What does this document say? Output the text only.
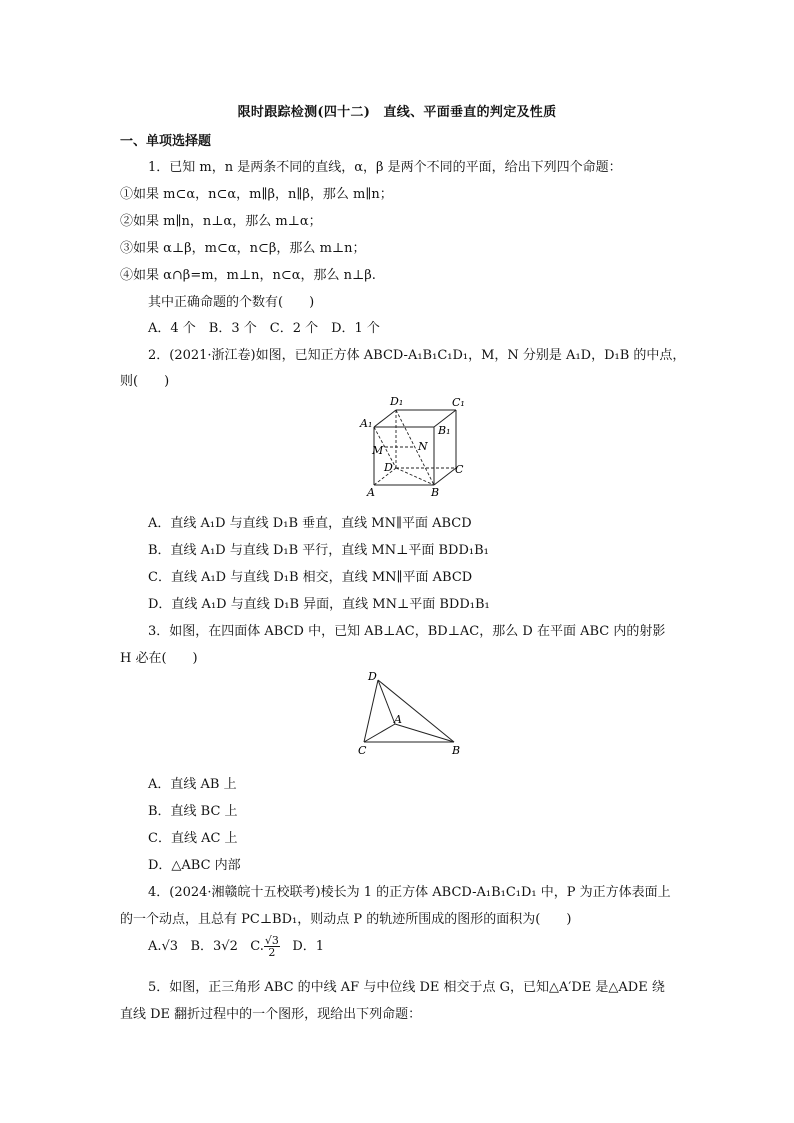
限时跟踪检测(四十二)　直线、平面垂直的判定及性质
一、单项选择题
1．已知 m，n 是两条不同的直线，α，β 是两个不同的平面，给出下列四个命题：
①如果 m⊂α，n⊂α，m∥β，n∥β，那么 m∥n；
②如果 m∥n，n⊥α，那么 m⊥α；
③如果 α⊥β，m⊂α，n⊂β，那么 m⊥n；
④如果 α∩β=m，m⊥n，n⊂α，那么 n⊥β.
其中正确命题的个数有(　　)
A．4 个　B．3 个　C．2 个　D．1 个
2．(2021·浙江卷)如图，已知正方体 ABCD-A₁B₁C₁D₁，M，N 分别是 A₁D，D₁B 的中点，
则(　　)
D₁	C₁
A₁
B₁
N
M
D	C
A	B
A．直线 A₁D 与直线 D₁B 垂直，直线 MN∥平面 ABCD
B．直线 A₁D 与直线 D₁B 平行，直线 MN⊥平面 BDD₁B₁
C．直线 A₁D 与直线 D₁B 相交，直线 MN∥平面 ABCD
D．直线 A₁D 与直线 D₁B 异面，直线 MN⊥平面 BDD₁B₁
3．如图，在四面体 ABCD 中，已知 AB⊥AC，BD⊥AC，那么 D 在平面 ABC 内的射影
H 必在(　　)
D
A
C	B
A．直线 AB 上
B．直线 BC 上
C．直线 AC 上
D．△ABC 内部
4．(2024·湘赣皖十五校联考)棱长为 1 的正方体 ABCD-A₁B₁C₁D₁ 中，P 为正方体表面上
的一个动点，且总有 PC⊥BD₁，则动点 P 的轨迹所围成的图形的面积为(　　)
A.√3 B．3√2 C. $\frac{√3}{2}$ D．1
5．如图，正三角形 ABC 的中线 AF 与中位线 DE 相交于点 G，已知△A′DE 是△ADE 绕
直线 DE 翻折过程中的一个图形，现给出下列命题：
